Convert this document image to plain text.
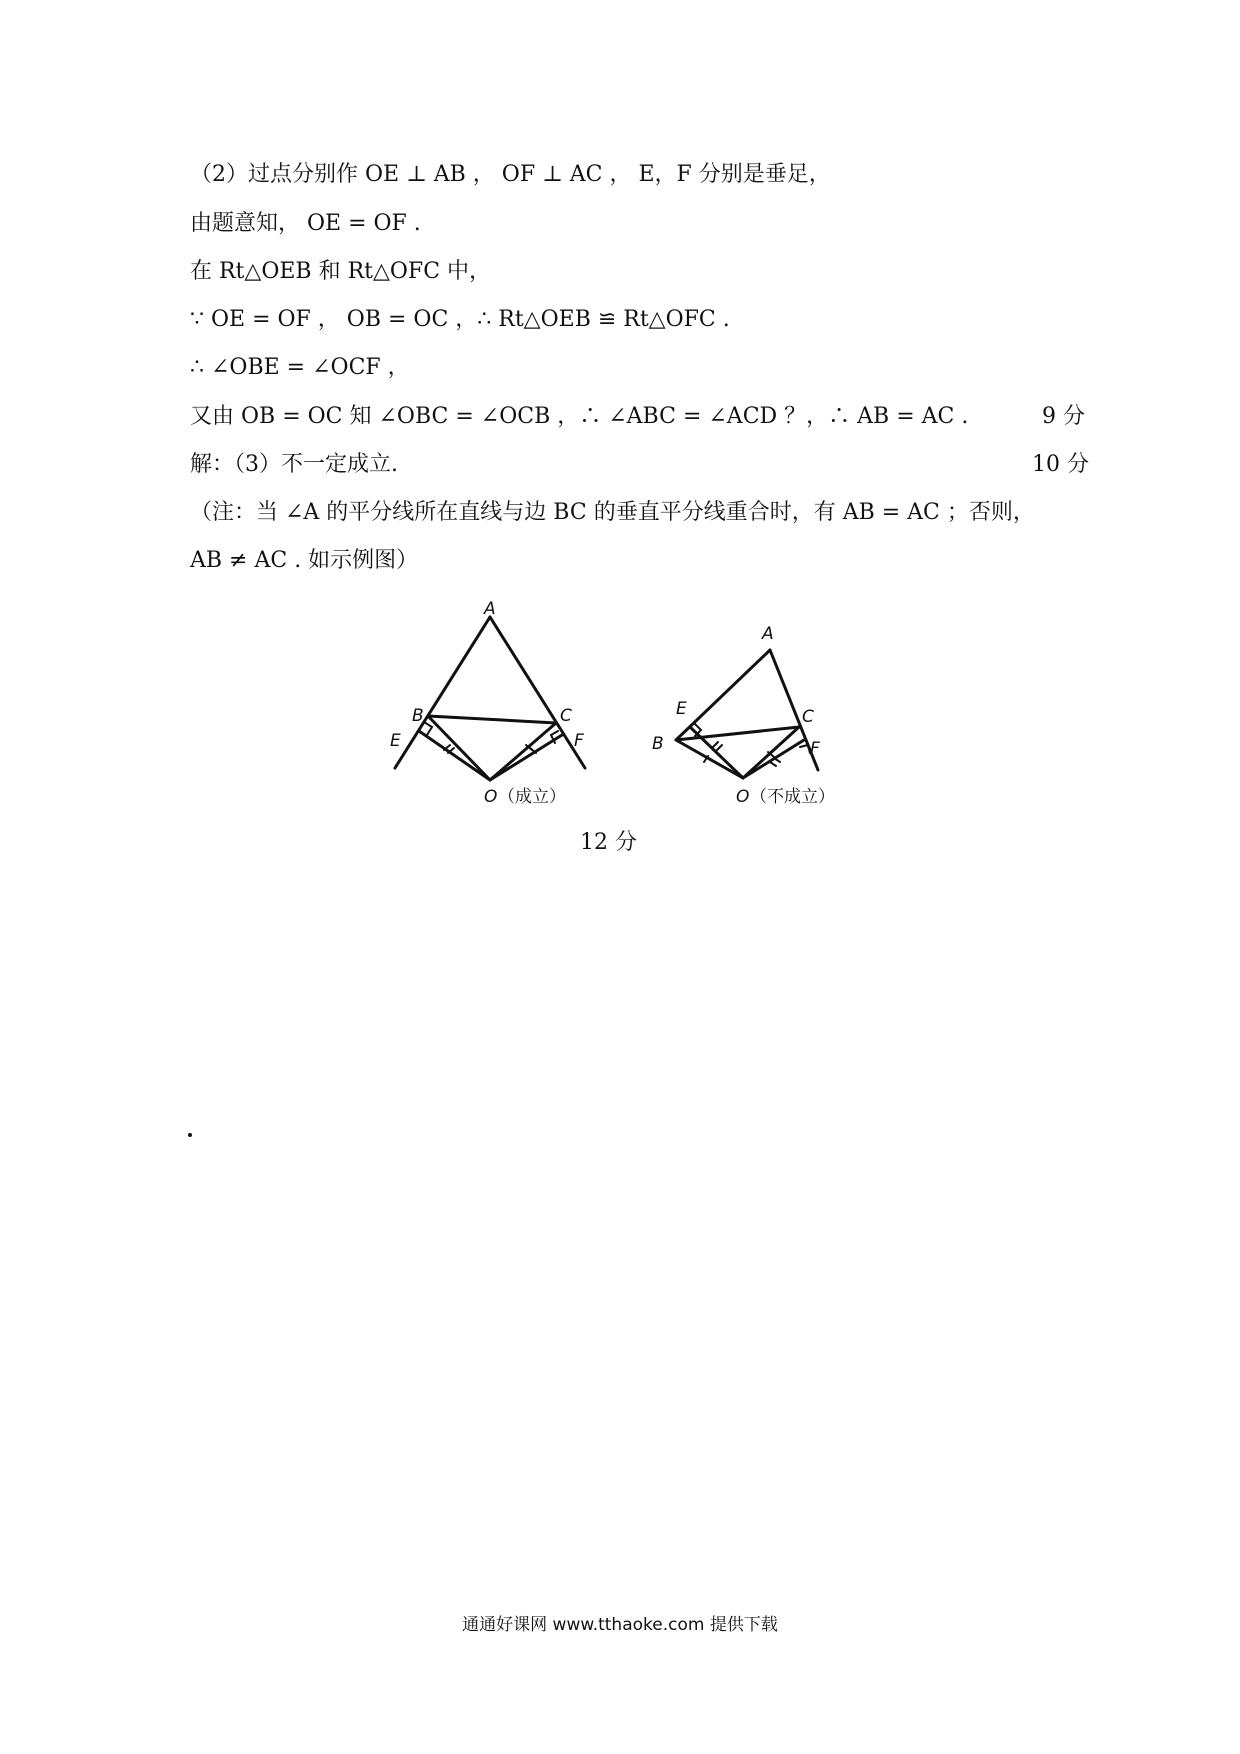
（2）过点分别作 OE ⊥ AB ， OF ⊥ AC ， E，F 分别是垂足，
由题意知， OE = OF .
在 Rt△OEB 和 Rt△OFC 中，
∵ OE = OF ， OB = OC ，∴ Rt△OEB ≌ Rt△OFC .
∴ ∠OBE = ∠OCF ，
又由 OB = OC 知 ∠OBC = ∠OCB ，∴ ∠ABC = ∠ACD ？，∴ AB = AC .	9 分
解：（3）不一定成立.	10 分
（注：当 ∠A 的平分线所在直线与边 BC 的垂直平分线重合时，有 AB = AC ；否则，
AB ≠ AC . 如示例图）
A
B	C
E	F
O （成立）
A
B
C
E
F
O （不成立）
12 分
通通好课网 www.tthaoke.com 提供下载
